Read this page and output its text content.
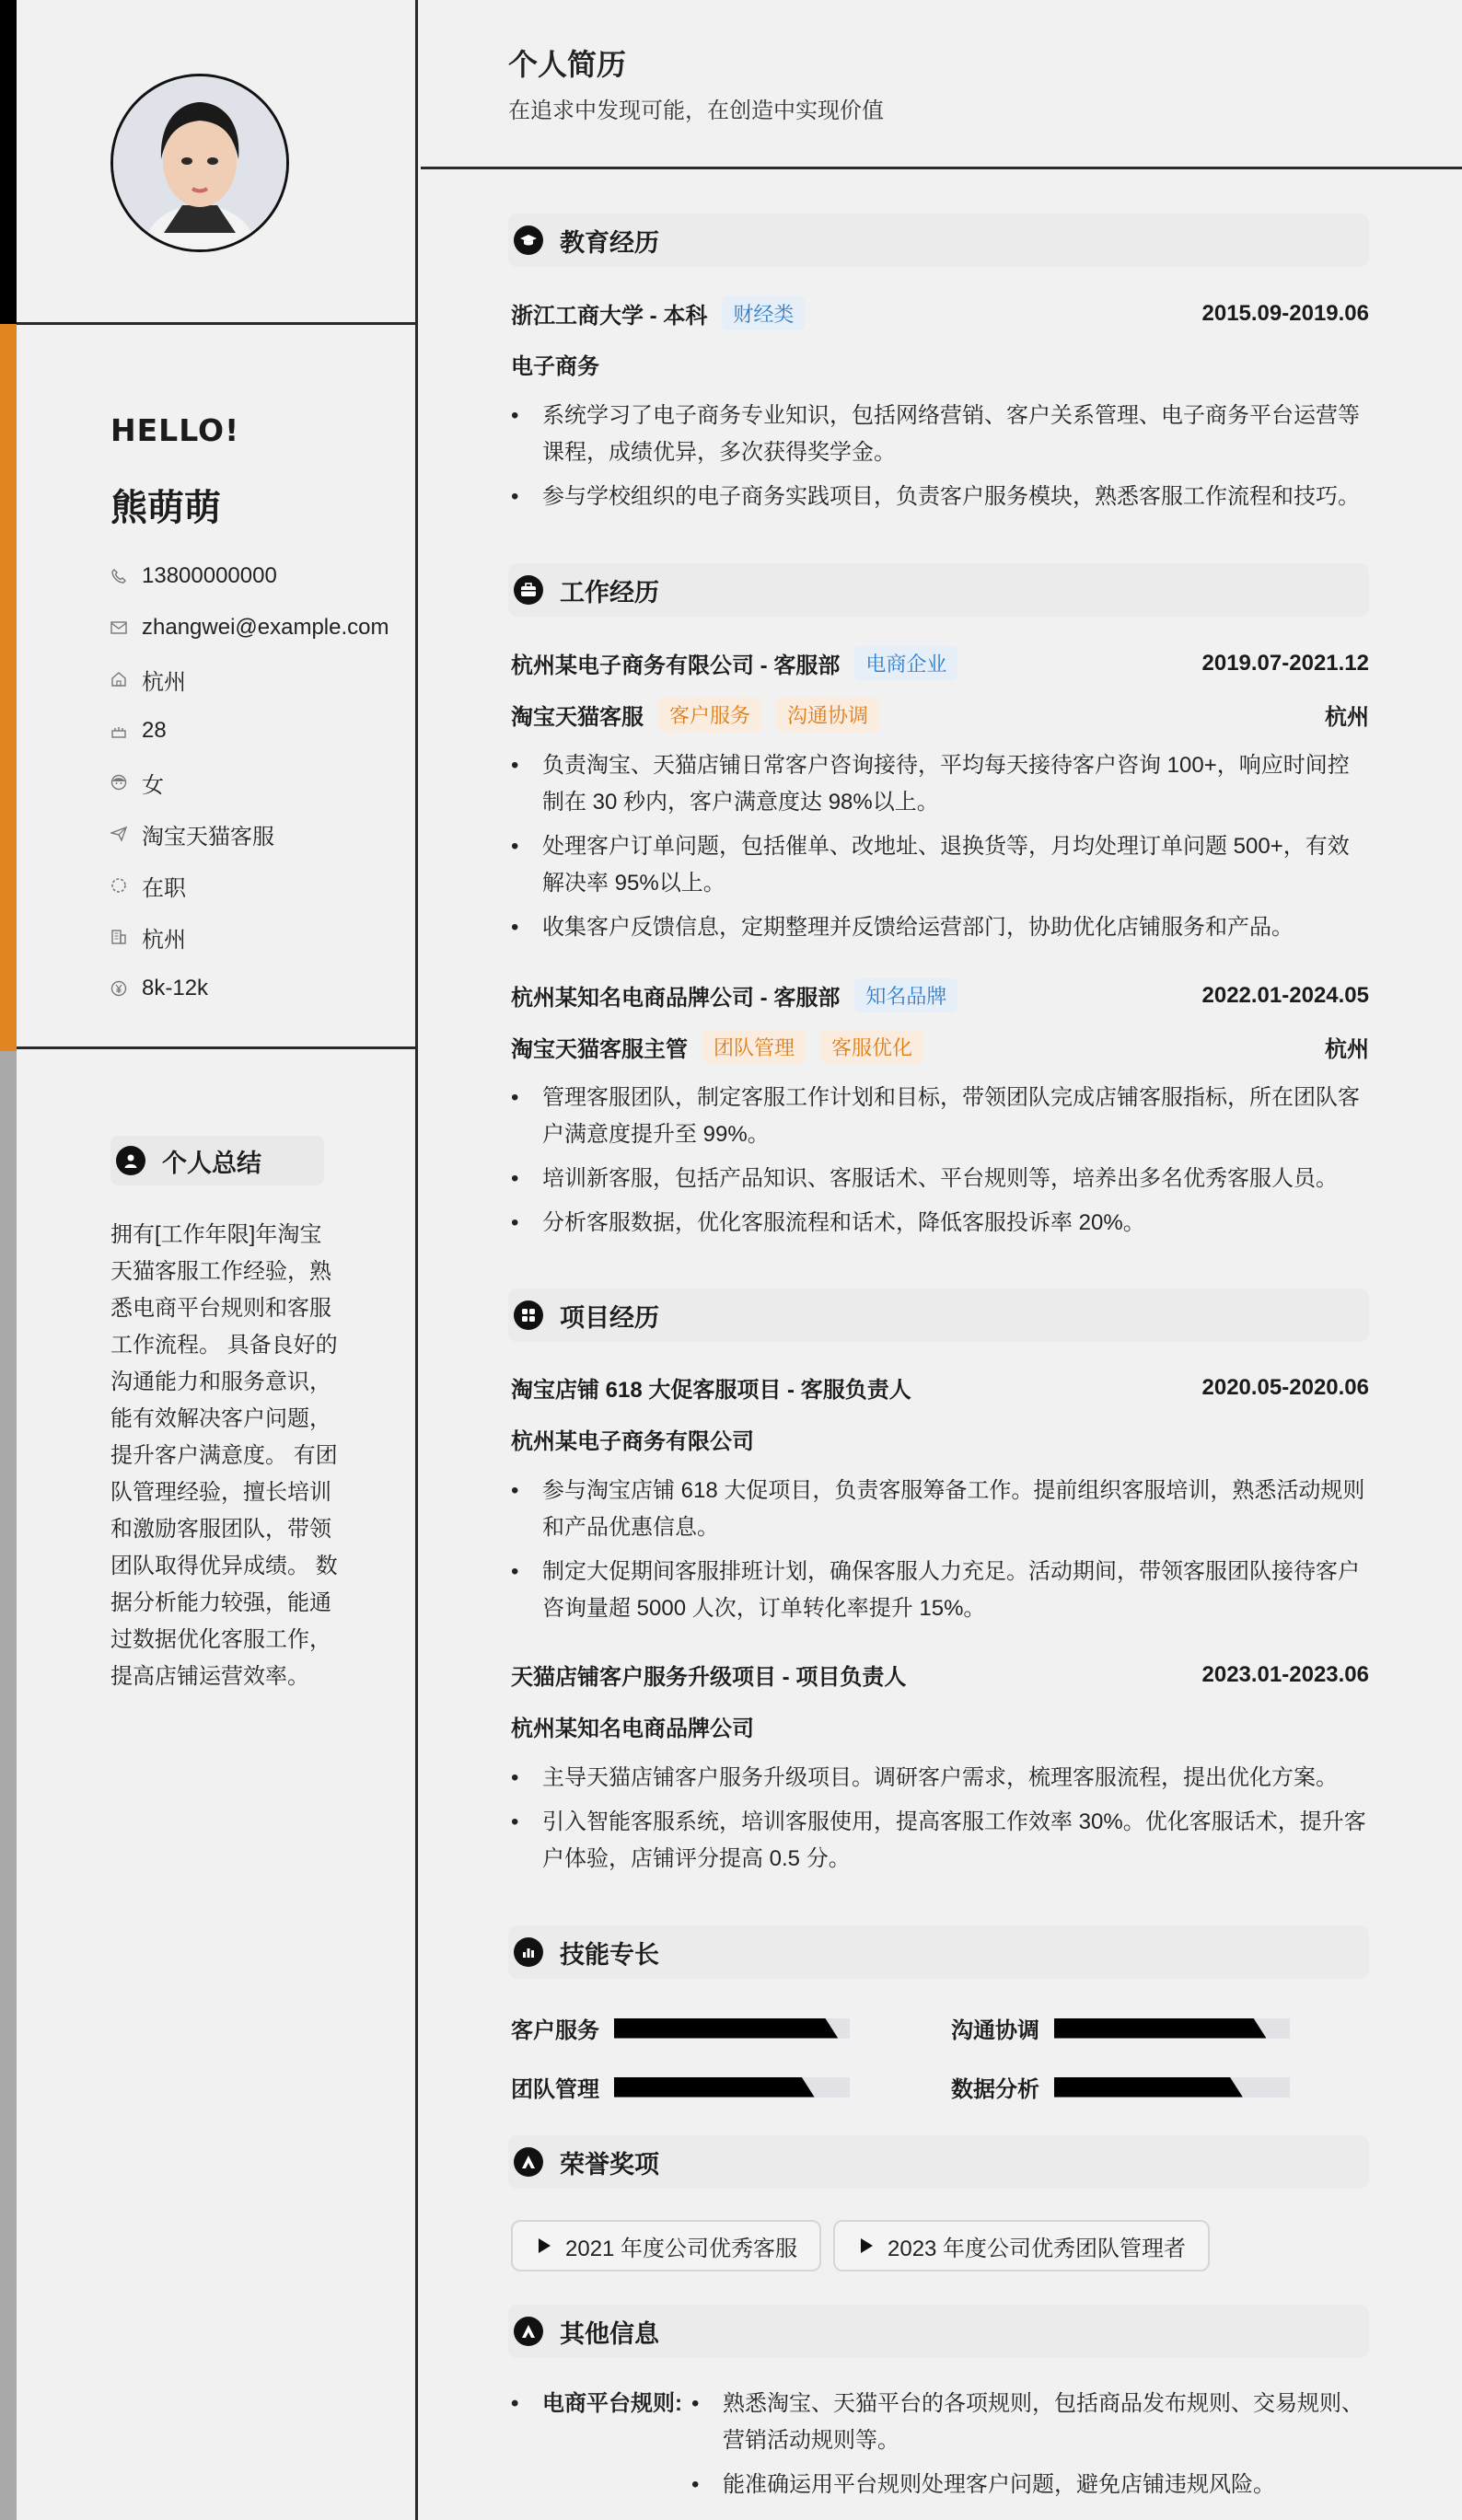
HELLO!
熊萌萌
13800000000
zhangwei@example.com
杭州
28
女
淘宝天猫客服
在职
杭州
8k-12k
个人总结
拥有[工作年限]年淘宝天猫客服工作经验，熟悉电商平台规则和客服工作流程。 具备良好的沟通能力和服务意识，能有效解决客户问题，提升客户满意度。 有团队管理经验，擅长培训和激励客服团队，带领团队取得优异成绩。 数据分析能力较强，能通过数据优化客服工作，提高店铺运营效率。
个人简历
在追求中发现可能，在创造中实现价值
教育经历
浙江工商大学 - 本科	财经类	2015.09-2019.06
电子商务
• 系统学习了电子商务专业知识，包括网络营销、客户关系管理、电子商务平台运营等课程，成绩优异，多次获得奖学金。
• 参与学校组织的电子商务实践项目，负责客户服务模块，熟悉客服工作流程和技巧。
工作经历
杭州某电子商务有限公司 - 客服部	电商企业	2019.07-2021.12
淘宝天猫客服	客户服务	沟通协调	杭州
• 负责淘宝、天猫店铺日常客户咨询接待，平均每天接待客户咨询 100+，响应时间控制在 30 秒内，客户满意度达 98%以上。
• 处理客户订单问题，包括催单、改地址、退换货等，月均处理订单问题 500+，有效解决率 95%以上。
• 收集客户反馈信息，定期整理并反馈给运营部门，协助优化店铺服务和产品。
杭州某知名电商品牌公司 - 客服部	知名品牌	2022.01-2024.05
淘宝天猫客服主管	团队管理	客服优化	杭州
• 管理客服团队，制定客服工作计划和目标，带领团队完成店铺客服指标，所在团队客户满意度提升至 99%。
• 培训新客服，包括产品知识、客服话术、平台规则等，培养出多名优秀客服人员。
• 分析客服数据，优化客服流程和话术，降低客服投诉率 20%。
项目经历
淘宝店铺 618 大促客服项目 - 客服负责人	2020.05-2020.06
杭州某电子商务有限公司
• 参与淘宝店铺 618 大促项目，负责客服筹备工作。提前组织客服培训，熟悉活动规则和产品优惠信息。
• 制定大促期间客服排班计划，确保客服人力充足。活动期间，带领客服团队接待客户咨询量超 5000 人次，订单转化率提升 15%。
天猫店铺客户服务升级项目 - 项目负责人	2023.01-2023.06
杭州某知名电商品牌公司
• 主导天猫店铺客户服务升级项目。调研客户需求，梳理客服流程，提出优化方案。
• 引入智能客服系统，培训客服使用，提高客服工作效率 30%。优化客服话术，提升客户体验，店铺评分提高 0.5 分。
技能专长
客户服务	沟通协调
团队管理	数据分析
荣誉奖项
2021 年度公司优秀客服	2023 年度公司优秀团队管理者
其他信息
• 电商平台规则:
•	熟悉淘宝、天猫平台的各项规则，包括商品发布规则、交易规则、营销活动规则等。
• 能准确运用平台规则处理客户问题，避免店铺违规风险。
